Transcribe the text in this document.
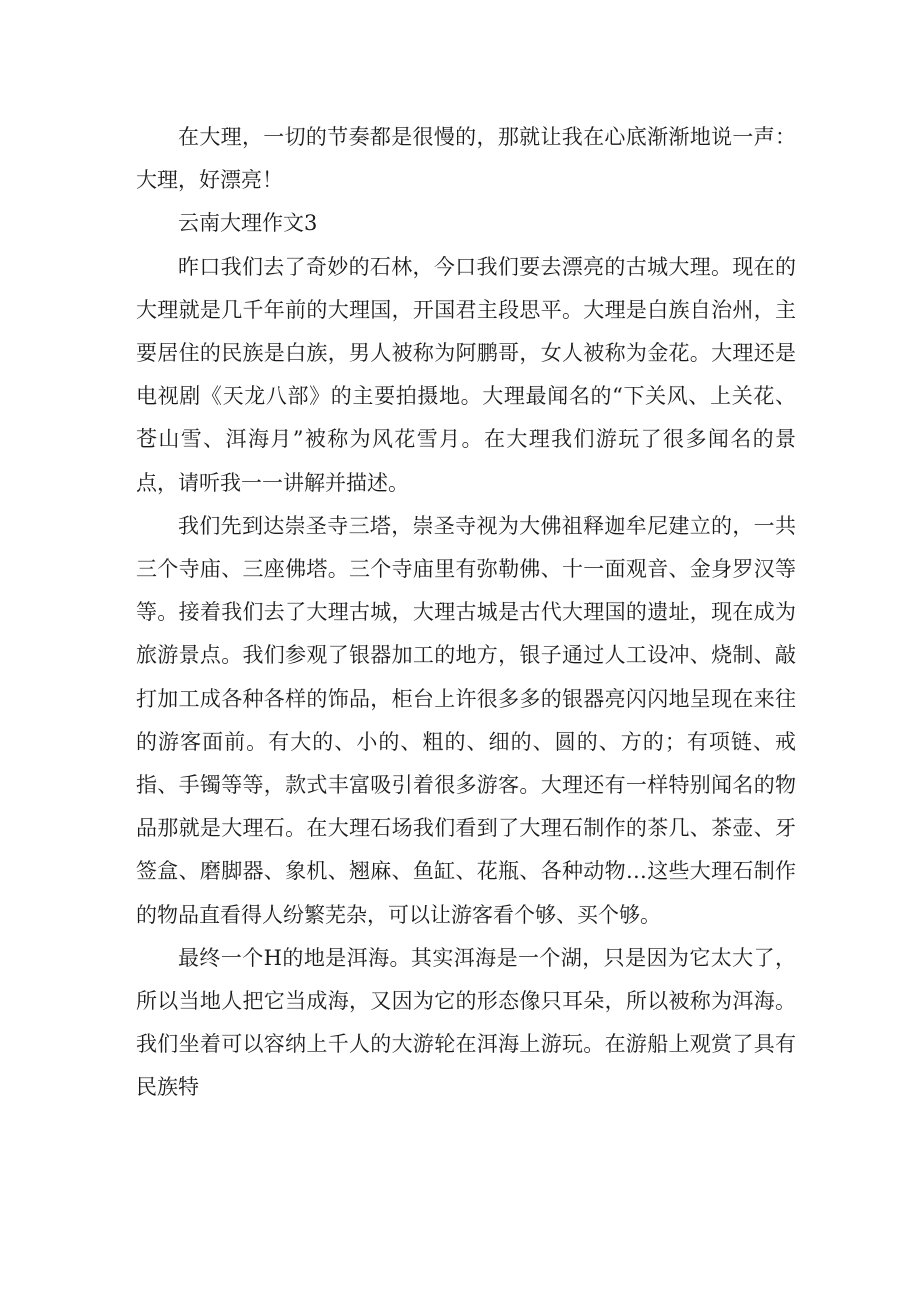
在大理，一切的节奏都是很慢的，那就让我在心底渐渐地说一声：大理，好漂亮！

云南大理作文3

昨口我们去了奇妙的石林，今口我们要去漂亮的古城大理。现在的大理就是几千年前的大理国，开国君主段思平。大理是白族自治州，主要居住的民族是白族，男人被称为阿鹏哥，女人被称为金花。大理还是电视剧《天龙八部》的主要拍摄地。大理最闻名的“下关风、上关花、苍山雪、洱海月”被称为风花雪月。在大理我们游玩了很多闻名的景点，请听我一一讲解并描述。

我们先到达崇圣寺三塔，崇圣寺视为大佛祖释迦牟尼建立的，一共三个寺庙、三座佛塔。三个寺庙里有弥勒佛、十一面观音、金身罗汉等等。接着我们去了大理古城，大理古城是古代大理国的遗址，现在成为旅游景点。我们参观了银器加工的地方，银子通过人工设冲、烧制、敲打加工成各种各样的饰品，柜台上许很多多的银器亮闪闪地呈现在来往的游客面前。有大的、小的、粗的、细的、圆的、方的；有项链、戒指、手镯等等，款式丰富吸引着很多游客。大理还有一样特别闻名的物品那就是大理石。在大理石场我们看到了大理石制作的茶几、茶壶、牙签盒、磨脚器、象机、翘麻、鱼缸、花瓶、各种动物…这些大理石制作的物品直看得人纷繁芜杂，可以让游客看个够、买个够。

最终一个H的地是洱海。其实洱海是一个湖，只是因为它太大了，所以当地人把它当成海，又因为它的形态像只耳朵，所以被称为洱海。我们坐着可以容纳上千人的大游轮在洱海上游玩。在游船上观赏了具有民族特
